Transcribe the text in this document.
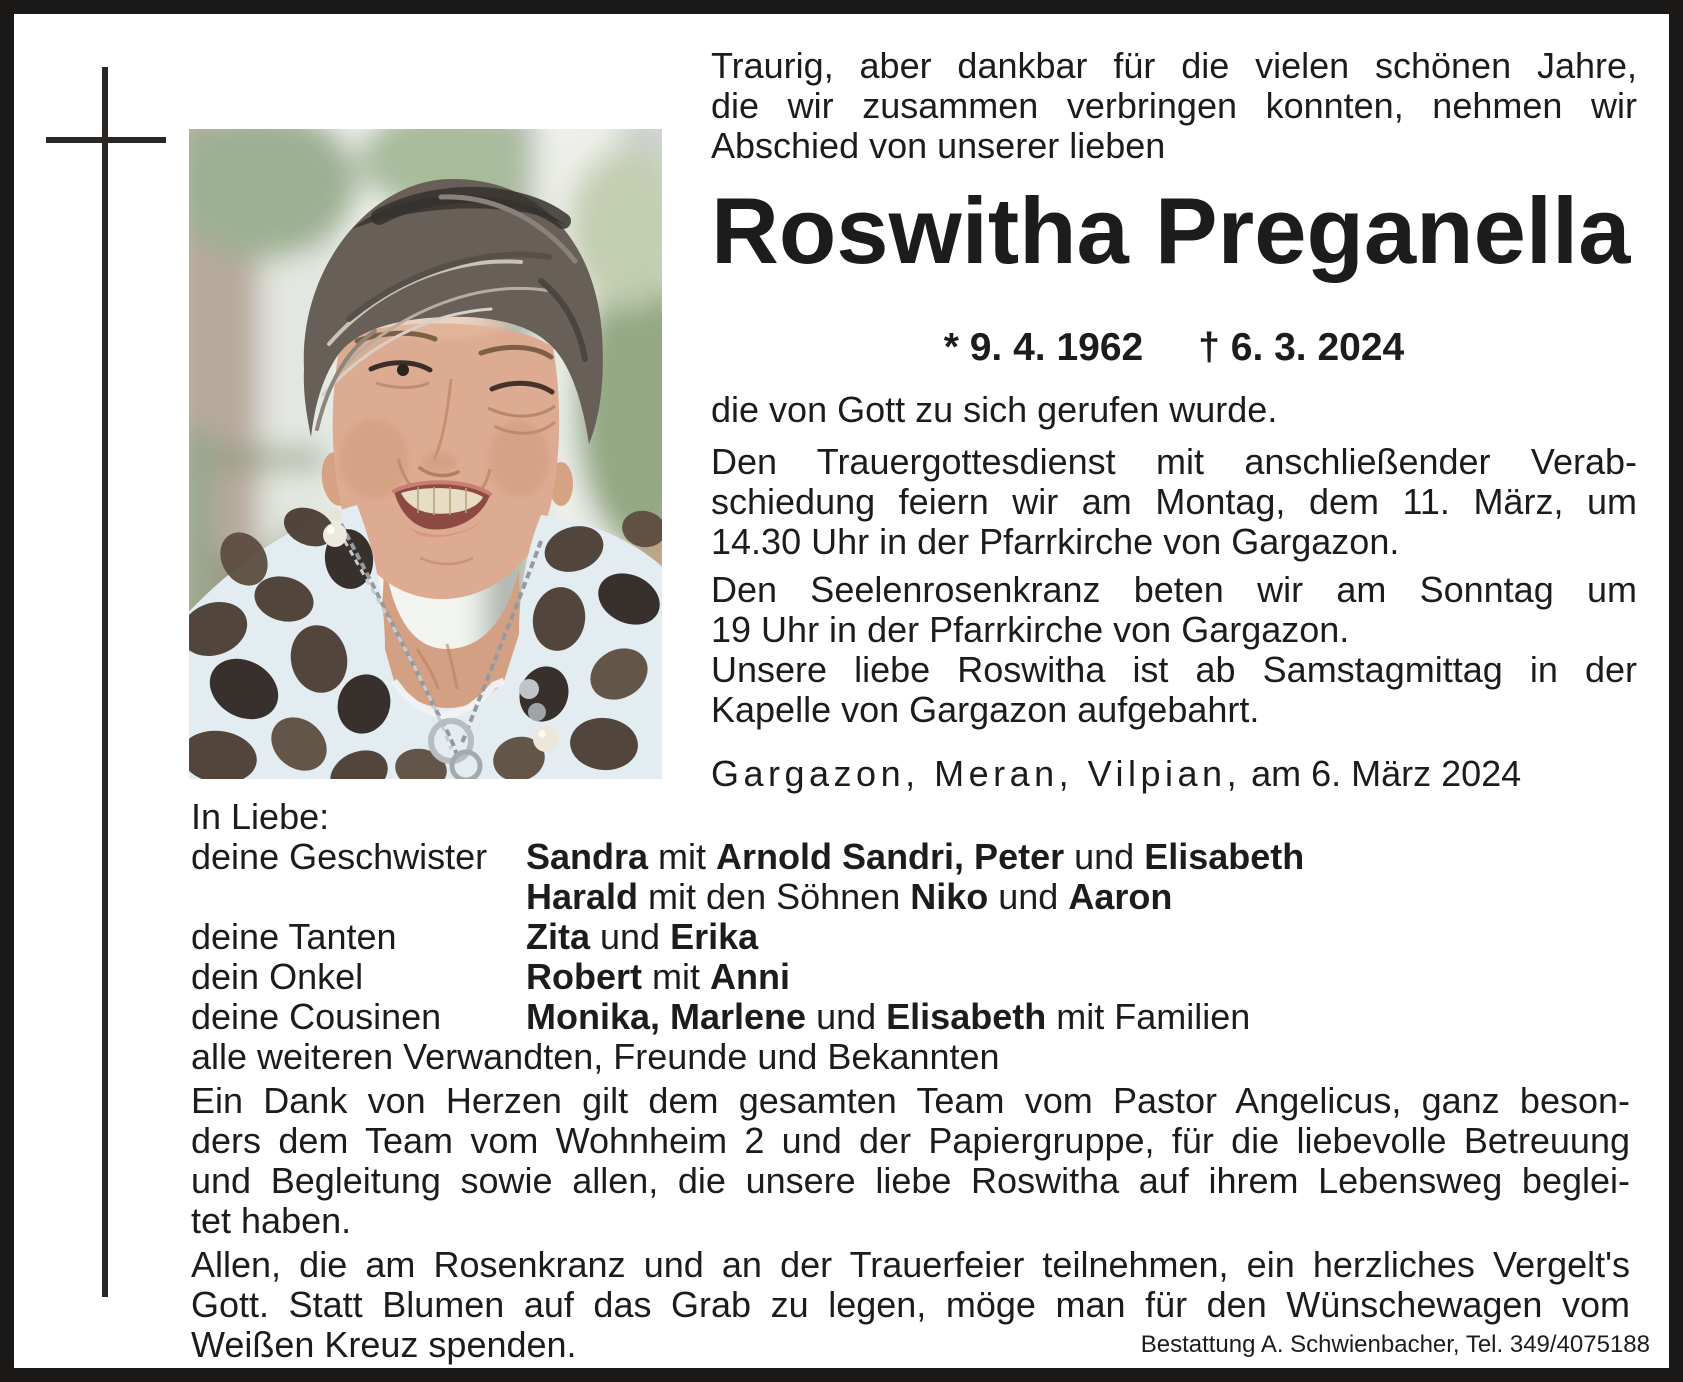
Traurig, aber dankbar für die vielen schönen Jahre,
die wir zusammen verbringen konnten, nehmen wir
Abschied von unserer lieben
Roswitha Preganella
* 9. 4. 1962 † 6. 3. 2024
die von Gott zu sich gerufen wurde.
Den Trauergottesdienst mit anschließender Verab-
schiedung feiern wir am Montag, dem 11. März, um
14.30 Uhr in der Pfarrkirche von Gargazon.
Den Seelenrosenkranz beten wir am Sonntag um
19 Uhr in der Pfarrkirche von Gargazon.
Unsere liebe Roswitha ist ab Samstagmittag in der
Kapelle von Gargazon aufgebahrt.
Gargazon, Meran, Vilpian, am 6. März 2024
In Liebe:
deine Geschwister	Sandra mit Arnold Sandri, Peter und Elisabeth
Harald mit den Söhnen Niko und Aaron
deine Tanten	Zita und Erika
dein Onkel	Robert mit Anni
deine Cousinen	Monika, Marlene und Elisabeth mit Familien
alle weiteren Verwandten, Freunde und Bekannten
Ein Dank von Herzen gilt dem gesamten Team vom Pastor Angelicus, ganz beson-
ders dem Team vom Wohnheim 2 und der Papiergruppe, für die liebevolle Betreuung
und Begleitung sowie allen, die unsere liebe Roswitha auf ihrem Lebensweg beglei-
tet haben.
Allen, die am Rosenkranz und an der Trauerfeier teilnehmen, ein herzliches Vergelt's
Gott. Statt Blumen auf das Grab zu legen, möge man für den Wünschewagen vom
Weißen Kreuz spenden.	Bestattung A. Schwienbacher, Tel. 349/4075188
